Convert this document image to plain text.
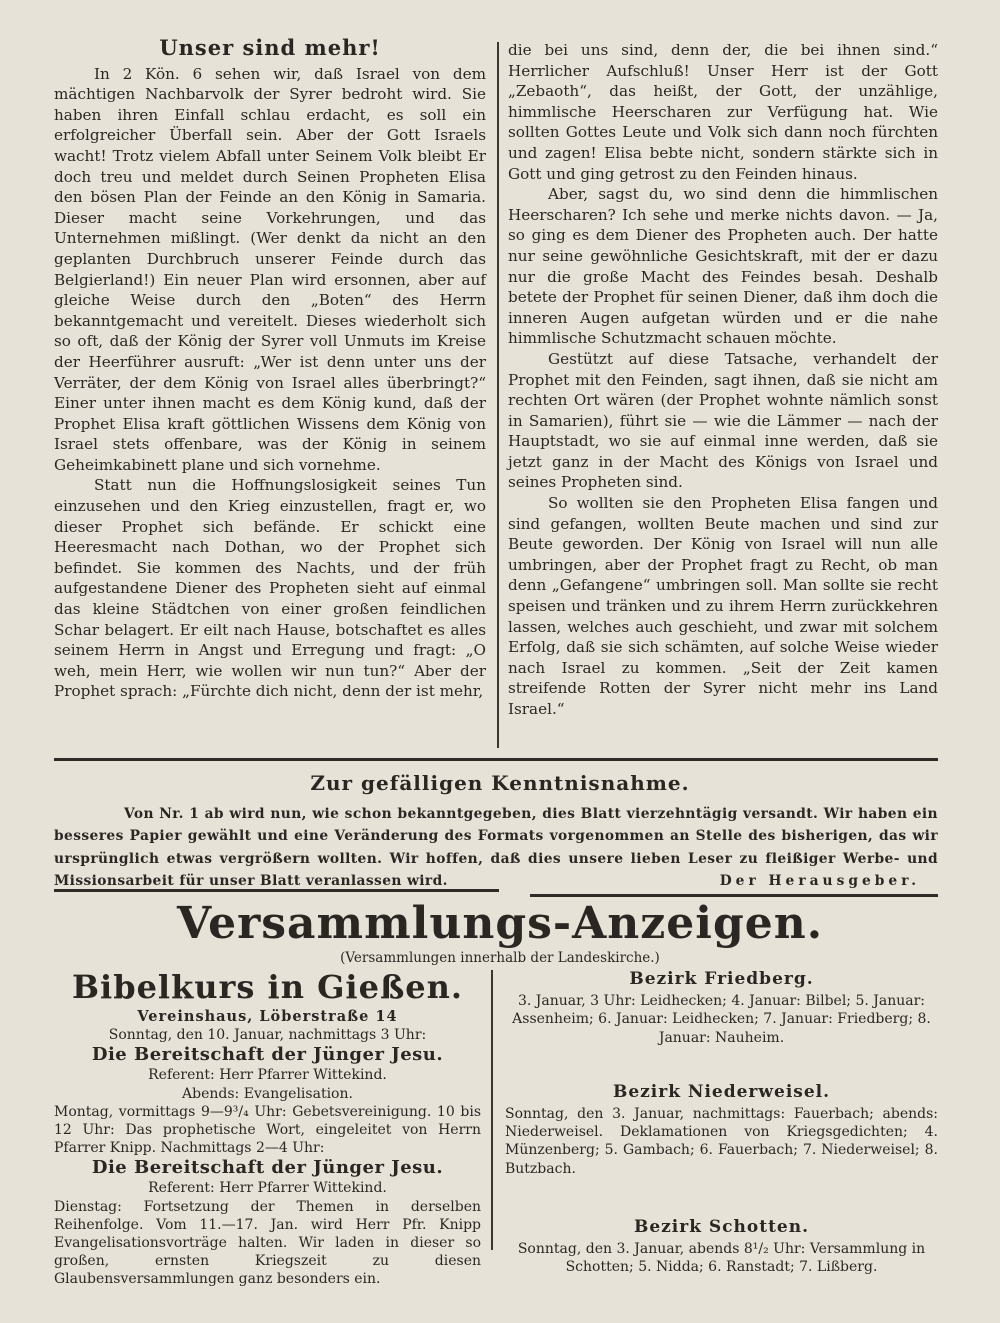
Unser sind mehr!

In 2 Kön. 6 sehen wir, daß Israel von dem mächtigen Nachbarvolk der Syrer bedroht wird. Sie haben ihren Einfall schlau erdacht, es soll ein erfolgreicher Überfall sein. Aber der Gott Israels wacht! Trotz vielem Abfall unter Seinem Volk bleibt Er doch treu und meldet durch Seinen Propheten Elisa den bösen Plan der Feinde an den König in Samaria. Dieser macht seine Vorkehrungen, und das Unternehmen mißlingt. (Wer denkt da nicht an den geplanten Durchbruch unserer Feinde durch das Belgierland!) Ein neuer Plan wird ersonnen, aber auf gleiche Weise durch den „Boten“ des Herrn bekanntgemacht und vereitelt. Dieses wiederholt sich so oft, daß der König der Syrer voll Unmuts im Kreise der Heerführer ausruft: „Wer ist denn unter uns der Verräter, der dem König von Israel alles überbringt?“ Einer unter ihnen macht es dem König kund, daß der Prophet Elisa kraft göttlichen Wissens dem König von Israel stets offenbare, was der König in seinem Geheimkabinett plane und sich vornehme.

Statt nun die Hoffnungslosigkeit seines Tun einzusehen und den Krieg einzustellen, fragt er, wo dieser Prophet sich befände. Er schickt eine Heeresmacht nach Dothan, wo der Prophet sich befindet. Sie kommen des Nachts, und der früh aufgestandene Diener des Propheten sieht auf einmal das kleine Städtchen von einer großen feindlichen Schar belagert. Er eilt nach Hause, botschaftet es alles seinem Herrn in Angst und Erregung und fragt: „O weh, mein Herr, wie wollen wir nun tun?“ Aber der Prophet sprach: „Fürchte dich nicht, denn der ist mehr,

die bei uns sind, denn der, die bei ihnen sind.“ Herrlicher Aufschluß! Unser Herr ist der Gott „Zebaoth“, das heißt, der Gott, der unzählige, himmlische Heerscharen zur Verfügung hat. Wie sollten Gottes Leute und Volk sich dann noch fürchten und zagen! Elisa bebte nicht, sondern stärkte sich in Gott und ging getrost zu den Feinden hinaus.

Aber, sagst du, wo sind denn die himmlischen Heerscharen? Ich sehe und merke nichts davon. — Ja, so ging es dem Diener des Propheten auch. Der hatte nur seine gewöhnliche Gesichtskraft, mit der er dazu nur die große Macht des Feindes besah. Deshalb betete der Prophet für seinen Diener, daß ihm doch die inneren Augen aufgetan würden und er die nahe himmlische Schutzmacht schauen möchte.

Gestützt auf diese Tatsache, verhandelt der Prophet mit den Feinden, sagt ihnen, daß sie nicht am rechten Ort wären (der Prophet wohnte nämlich sonst in Samarien), führt sie — wie die Lämmer — nach der Hauptstadt, wo sie auf einmal inne werden, daß sie jetzt ganz in der Macht des Königs von Israel und seines Propheten sind.

So wollten sie den Propheten Elisa fangen und sind gefangen, wollten Beute machen und sind zur Beute geworden. Der König von Israel will nun alle umbringen, aber der Prophet fragt zu Recht, ob man denn „Gefangene“ umbringen soll. Man sollte sie recht speisen und tränken und zu ihrem Herrn zurückkehren lassen, welches auch geschieht, und zwar mit solchem Erfolg, daß sie sich schämten, auf solche Weise wieder nach Israel zu kommen. „Seit der Zeit kamen streifende Rotten der Syrer nicht mehr ins Land Israel.“

Zur gefälligen Kenntnisnahme.
Von Nr. 1 ab wird nun, wie schon bekanntgegeben, dies Blatt vierzehntägig versandt. Wir haben ein besseres Papier gewählt und eine Veränderung des Formats vorgenommen an Stelle des bisherigen, das wir ursprünglich etwas vergrößern wollten. Wir hoffen, daß dies unsere lieben Leser zu fleißiger Werbe- und Missionsarbeit für unser Blatt veranlassen wird.	Der Herausgeber.
Versammlungs-Anzeigen.
(Versammlungen innerhalb der Landeskirche.)
Bibelkurs in Gießen.
Vereinshaus, Löberstraße 14
Sonntag, den 10. Januar, nachmittags 3 Uhr:
Die Bereitschaft der Jünger Jesu.
Referent: Herr Pfarrer Wittekind.
Abends: Evangelisation.
Montag, vormittags 9—9³/₄ Uhr: Gebetsvereinigung. 10 bis 12 Uhr: Das prophetische Wort, eingeleitet von Herrn Pfarrer Knipp. Nachmittags 2—4 Uhr:
Die Bereitschaft der Jünger Jesu.
Referent: Herr Pfarrer Wittekind.
Dienstag: Fortsetzung der Themen in derselben Reihenfolge. Vom 11.—17. Jan. wird Herr Pfr. Knipp Evangelisationsvorträge halten. Wir laden in dieser so großen, ernsten Kriegszeit zu diesen Glaubensversammlungen ganz besonders ein.
Bezirk Friedberg.
3. Januar, 3 Uhr: Leidhecken; 4. Januar: Bilbel; 5. Januar: Assenheim; 6. Januar: Leidhecken; 7. Januar: Friedberg; 8. Januar: Nauheim.
Bezirk Niederweisel.
Sonntag, den 3. Januar, nachmittags: Fauerbach; abends: Niederweisel. Deklamationen von Kriegsgedichten; 4. Münzenberg; 5. Gambach; 6. Fauerbach; 7. Niederweisel; 8. Butzbach.
Bezirk Schotten.
Sonntag, den 3. Januar, abends 8¹/₂ Uhr: Versammlung in Schotten; 5. Nidda; 6. Ranstadt; 7. Lißberg.
